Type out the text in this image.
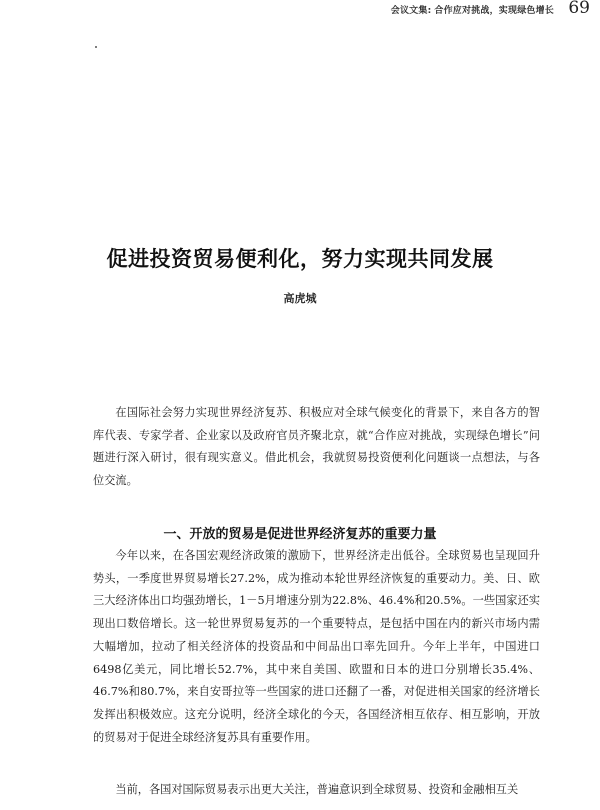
会议文集 : 合作应对挑战，实现绿色增长 69
促进投资贸易便利化，努力实现共同发展
高虎城

在国际社会努力实现世界经济复苏、积极应对全球气候变化的背景下，来自各方的智库代表、专家学者、企业家以及政府官员齐聚北京，就“合作应对挑战，实现绿色增长”问题进行深入研讨，很有现实意义。借此机会，我就贸易投资便利化问题谈一点想法，与各位交流。

一、开放的贸易是促进世界经济复苏的重要力量

今年以来，在各国宏观经济政策的激励下，世界经济走出低谷。全球贸易也呈现回升势头，一季度世界贸易增长27.2%，成为推动本轮世界经济恢复的重要动力。美、日、欧三大经济体出口均强劲增长，1－5月增速分别为22.8%、46.4%和20.5%。一些国家还实现出口数倍增长。这一轮世界贸易复苏的一个重要特点，是包括中国在内的新兴市场内需大幅增加，拉动了相关经济体的投资品和中间品出口率先回升。今年上半年，中国进口6498亿美元，同比增长52.7%，其中来自美国、欧盟和日本的进口分别增长35.4%、46.7%和80.7%，来自安哥拉等一些国家的进口还翻了一番，对促进相关国家的经济增长发挥出积极效应。这充分说明，经济全球化的今天，各国经济相互依存、相互影响，开放的贸易对于促进全球经济复苏具有重要作用。

当前，各国对国际贸易表示出更大关注，普遍意识到全球贸易、投资和金融相互关
